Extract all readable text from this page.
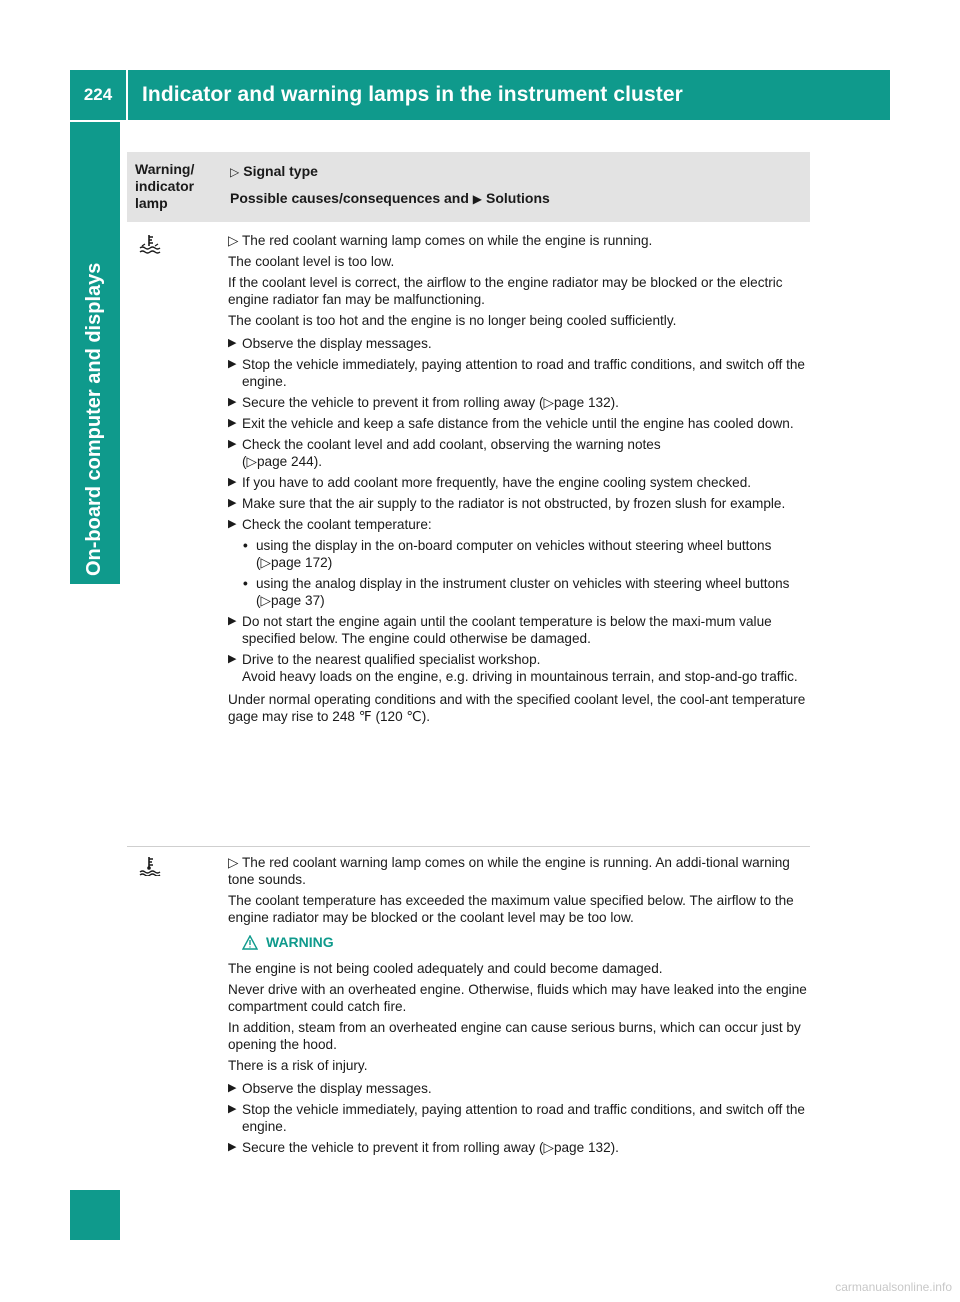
224	Indicator and warning lamps in the instrument cluster
On-board computer and displays
Warning/
indicator
lamp
▷ Signal type
Possible causes/consequences and ▶ Solutions

▷ The red coolant warning lamp comes on while the engine is running.

The coolant level is too low.

If the coolant level is correct, the airflow to the engine radiator may be blocked or the electric engine radiator fan may be malfunctioning.

The coolant is too hot and the engine is no longer being cooled sufficiently.

▶ Observe the display messages.
▶ Stop the vehicle immediately, paying attention to road and traffic conditions, and switch off the engine.
▶ Secure the vehicle to prevent it from rolling away (▷page 132).
▶ Exit the vehicle and keep a safe distance from the vehicle until the engine has cooled down.
▶ Check the coolant level and add coolant, observing the warning notes
(▷page 244).
▶ If you have to add coolant more frequently, have the engine cooling system checked.
▶ Make sure that the air supply to the radiator is not obstructed, by frozen slush for example.
▶ Check the coolant temperature:
• using the display in the on-board computer on vehicles without steering wheel buttons (▷page 172)
• using the analog display in the instrument cluster on vehicles with steering wheel buttons (▷page 37)
▶ Do not start the engine again until the coolant temperature is below the maxi-mum value specified below. The engine could otherwise be damaged.
▶ Drive to the nearest qualified specialist workshop.
Avoid heavy loads on the engine, e.g. driving in mountainous terrain, and stop-and-go traffic.

Under normal operating conditions and with the specified coolant level, the cool-ant temperature gage may rise to 248 ℉ (120 ℃).

▷ The red coolant warning lamp comes on while the engine is running. An addi-tional warning tone sounds.

The coolant temperature has exceeded the maximum value specified below. The airflow to the engine radiator may be blocked or the coolant level may be too low.

WARNING

The engine is not being cooled adequately and could become damaged.

Never drive with an overheated engine. Otherwise, fluids which may have leaked into the engine compartment could catch fire.

In addition, steam from an overheated engine can cause serious burns, which can occur just by opening the hood.

There is a risk of injury.

▶ Observe the display messages.
▶ Stop the vehicle immediately, paying attention to road and traffic conditions, and switch off the engine.
▶ Secure the vehicle to prevent it from rolling away (▷page 132).
carmanualsonline.info
